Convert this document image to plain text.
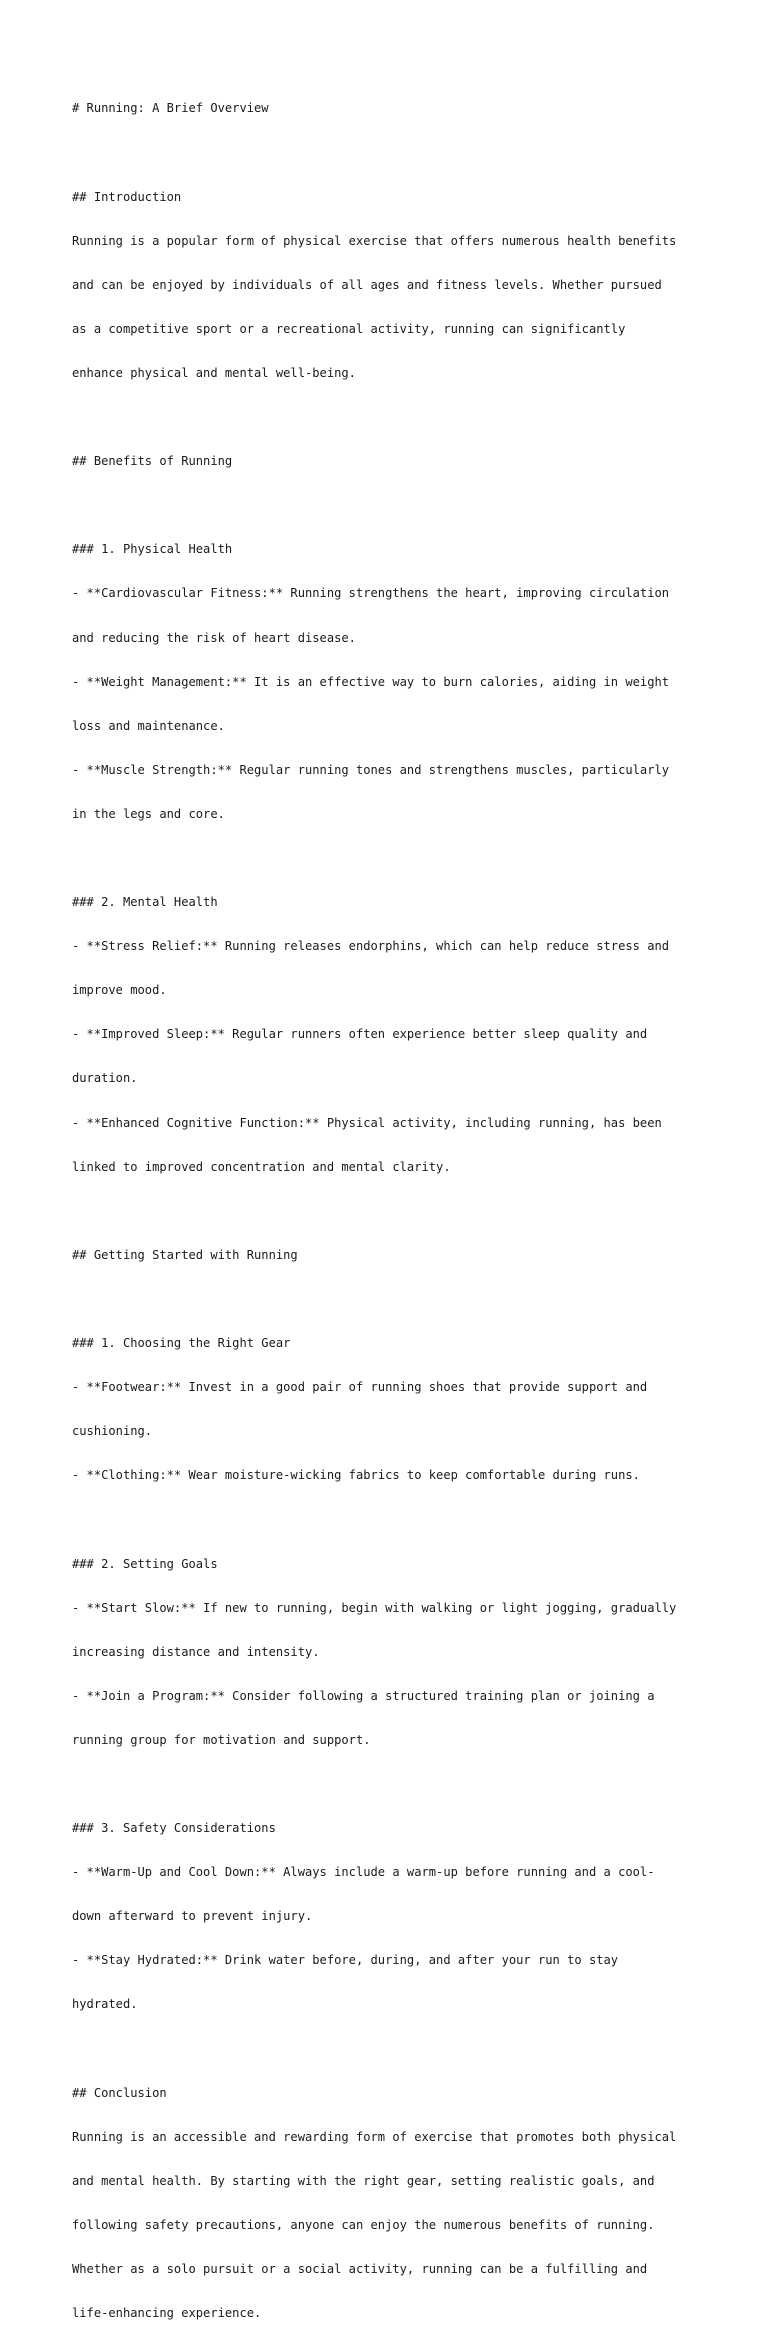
# Running: A Brief Overview

## Introduction

Running is a popular form of physical exercise that offers numerous health benefits

and can be enjoyed by individuals of all ages and fitness levels. Whether pursued

as a competitive sport or a recreational activity, running can significantly

enhance physical and mental well-being.

## Benefits of Running

### 1. Physical Health

- **Cardiovascular Fitness:** Running strengthens the heart, improving circulation

and reducing the risk of heart disease.

- **Weight Management:** It is an effective way to burn calories, aiding in weight

loss and maintenance.

- **Muscle Strength:** Regular running tones and strengthens muscles, particularly

in the legs and core.

### 2. Mental Health

- **Stress Relief:** Running releases endorphins, which can help reduce stress and

improve mood.

- **Improved Sleep:** Regular runners often experience better sleep quality and

duration.

- **Enhanced Cognitive Function:** Physical activity, including running, has been

linked to improved concentration and mental clarity.

## Getting Started with Running

### 1. Choosing the Right Gear

- **Footwear:** Invest in a good pair of running shoes that provide support and

cushioning.

- **Clothing:** Wear moisture-wicking fabrics to keep comfortable during runs.

### 2. Setting Goals

- **Start Slow:** If new to running, begin with walking or light jogging, gradually

increasing distance and intensity.

- **Join a Program:** Consider following a structured training plan or joining a

running group for motivation and support.

### 3. Safety Considerations

- **Warm-Up and Cool Down:** Always include a warm-up before running and a cool-

down afterward to prevent injury.

- **Stay Hydrated:** Drink water before, during, and after your run to stay

hydrated.

## Conclusion

Running is an accessible and rewarding form of exercise that promotes both physical

and mental health. By starting with the right gear, setting realistic goals, and

following safety precautions, anyone can enjoy the numerous benefits of running.

Whether as a solo pursuit or a social activity, running can be a fulfilling and

life-enhancing experience.
